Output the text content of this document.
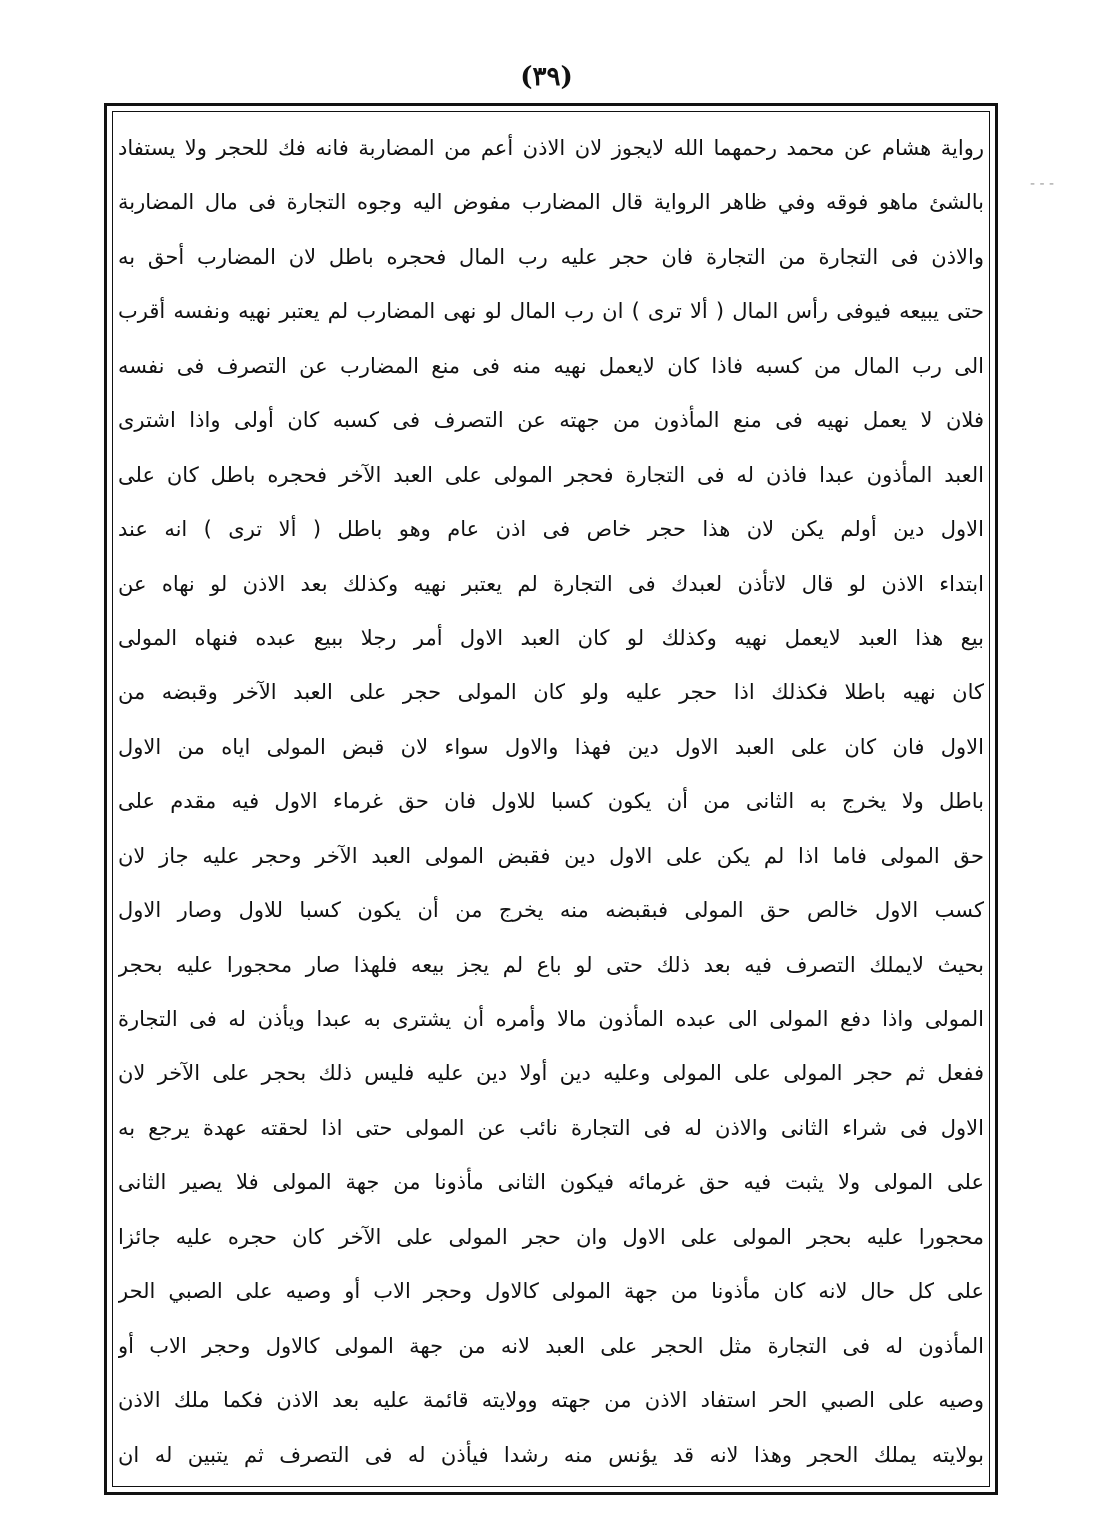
(٣٩)
- - -
رواية هشام عن محمد رحمهما الله لايجوز لان الاذن أعم من المضاربة فانه فك للحجر ولا يستفاد
بالشئ ماهو فوقه وفي ظاهر الرواية قال المضارب مفوض اليه وجوه التجارة فى مال المضاربة
والاذن فى التجارة من التجارة فان حجر عليه رب المال فحجره باطل لان المضارب أحق به
حتى يبيعه فيوفى رأس المال ( ألا ترى ) ان رب المال لو نهى المضارب لم يعتبر نهيه ونفسه أقرب
الى رب المال من كسبه فاذا كان لايعمل نهيه منه فى منع المضارب عن التصرف فى نفسه
فلان لا يعمل نهيه فى منع المأذون من جهته عن التصرف فى كسبه كان أولى واذا اشترى
العبد المأذون عبدا فاذن له فى التجارة فحجر المولى على العبد الآخر فحجره باطل كان على
الاول دين أولم يكن لان هذا حجر خاص فى اذن عام وهو باطل ( ألا ترى ) انه عند
ابتداء الاذن لو قال لاتأذن لعبدك فى التجارة لم يعتبر نهيه وكذلك بعد الاذن لو نهاه عن
بيع هذا العبد لايعمل نهيه وكذلك لو كان العبد الاول أمر رجلا ببيع عبده فنهاه المولى
كان نهيه باطلا فكذلك اذا حجر عليه ولو كان المولى حجر على العبد الآخر وقبضه من
الاول فان كان على العبد الاول دين فهذا والاول سواء لان قبض المولى اياه من الاول
باطل ولا يخرج به الثانى من أن يكون كسبا للاول فان حق غرماء الاول فيه مقدم على
حق المولى فاما اذا لم يكن على الاول دين فقبض المولى العبد الآخر وحجر عليه جاز لان
كسب الاول خالص حق المولى فبقبضه منه يخرج من أن يكون كسبا للاول وصار الاول
بحيث لايملك التصرف فيه بعد ذلك حتى لو باع لم يجز بيعه فلهذا صار محجورا عليه بحجر
المولى واذا دفع المولى الى عبده المأذون مالا وأمره أن يشترى به عبدا ويأذن له فى التجارة
ففعل ثم حجر المولى على المولى وعليه دين أولا دين عليه فليس ذلك بحجر على الآخر لان
الاول فى شراء الثانى والاذن له فى التجارة نائب عن المولى حتى اذا لحقته عهدة يرجع به
على المولى ولا يثبت فيه حق غرمائه فيكون الثانى مأذونا من جهة المولى فلا يصير الثانى
محجورا عليه بحجر المولى على الاول وان حجر المولى على الآخر كان حجره عليه جائزا
على كل حال لانه كان مأذونا من جهة المولى كالاول وحجر الاب أو وصيه على الصبي الحر
المأذون له فى التجارة مثل الحجر على العبد لانه من جهة المولى كالاول وحجر الاب أو
وصيه على الصبي الحر استفاد الاذن من جهته وولايته قائمة عليه بعد الاذن فكما ملك الاذن
بولايته يملك الحجر وهذا لانه قد يؤنس منه رشدا فيأذن له فى التصرف ثم يتبين له ان
